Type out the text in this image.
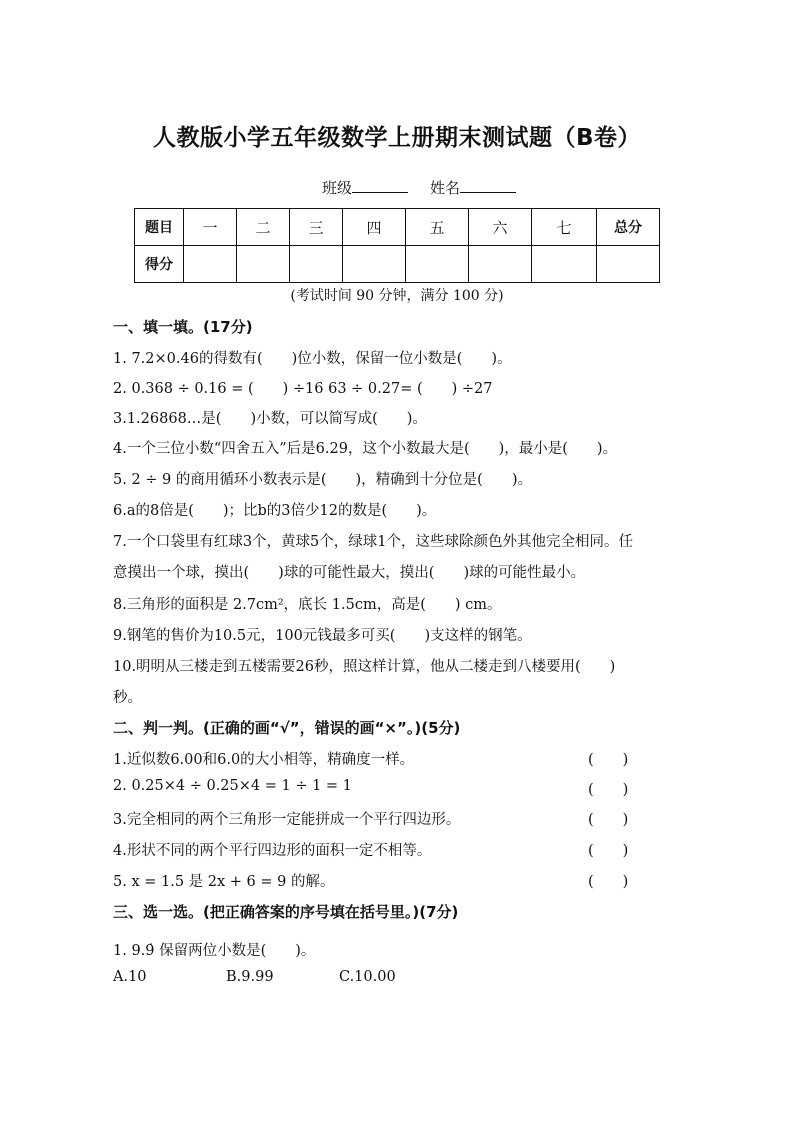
人教版小学五年级数学上册期末测试题（B卷）
班级	姓名
题目	一	二	三	四	五	六	七	总分
得分								
(考试时间 90 分钟，满分 100 分)
一、填一填。(17分)
1. 7.2×0.46的得数有(　　)位小数，保留一位小数是(　　)。
2. 0.368 ÷ 0.16 = (　　) ÷16 63 ÷ 0.27= (　　) ÷27
3.1.26868…是(　　)小数，可以简写成(　　)。
4.一个三位小数“四舍五入”后是6.29，这个小数最大是(　　)，最小是(　　)。
5. 2 ÷ 9 的商用循环小数表示是(　　)，精确到十分位是(　　)。
6.a的8倍是(　　)；比b的3倍少12的数是(　　)。
7.一个口袋里有红球3个，黄球5个，绿球1个，这些球除颜色外其他完全相同。任
意摸出一个球，摸出(　　)球的可能性最大，摸出(　　)球的可能性最小。
8.三角形的面积是 2.7cm²，底长 1.5cm，高是(　　) cm。
9.钢笔的售价为10.5元，100元钱最多可买(　　)支这样的钢笔。
10.明明从三楼走到五楼需要26秒，照这样计算，他从二楼走到八楼要用(　　)
秒。
二、判一判。(正确的画“√”，错误的画“×”。)(5分)
1.近似数6.00和6.0的大小相等，精确度一样。	(　　)
2. 0.25×4 ÷ 0.25×4 = 1 ÷ 1 = 1	(　　)
3.完全相同的两个三角形一定能拼成一个平行四边形。	(　　)
4.形状不同的两个平行四边形的面积一定不相等。	(　　)
5. x = 1.5 是 2x + 6 = 9 的解。	(　　)
三、选一选。(把正确答案的序号填在括号里。)(7分)
1. 9.9̇ 保留两位小数是(　　)。
A.10	B.9.99	C.10.00
